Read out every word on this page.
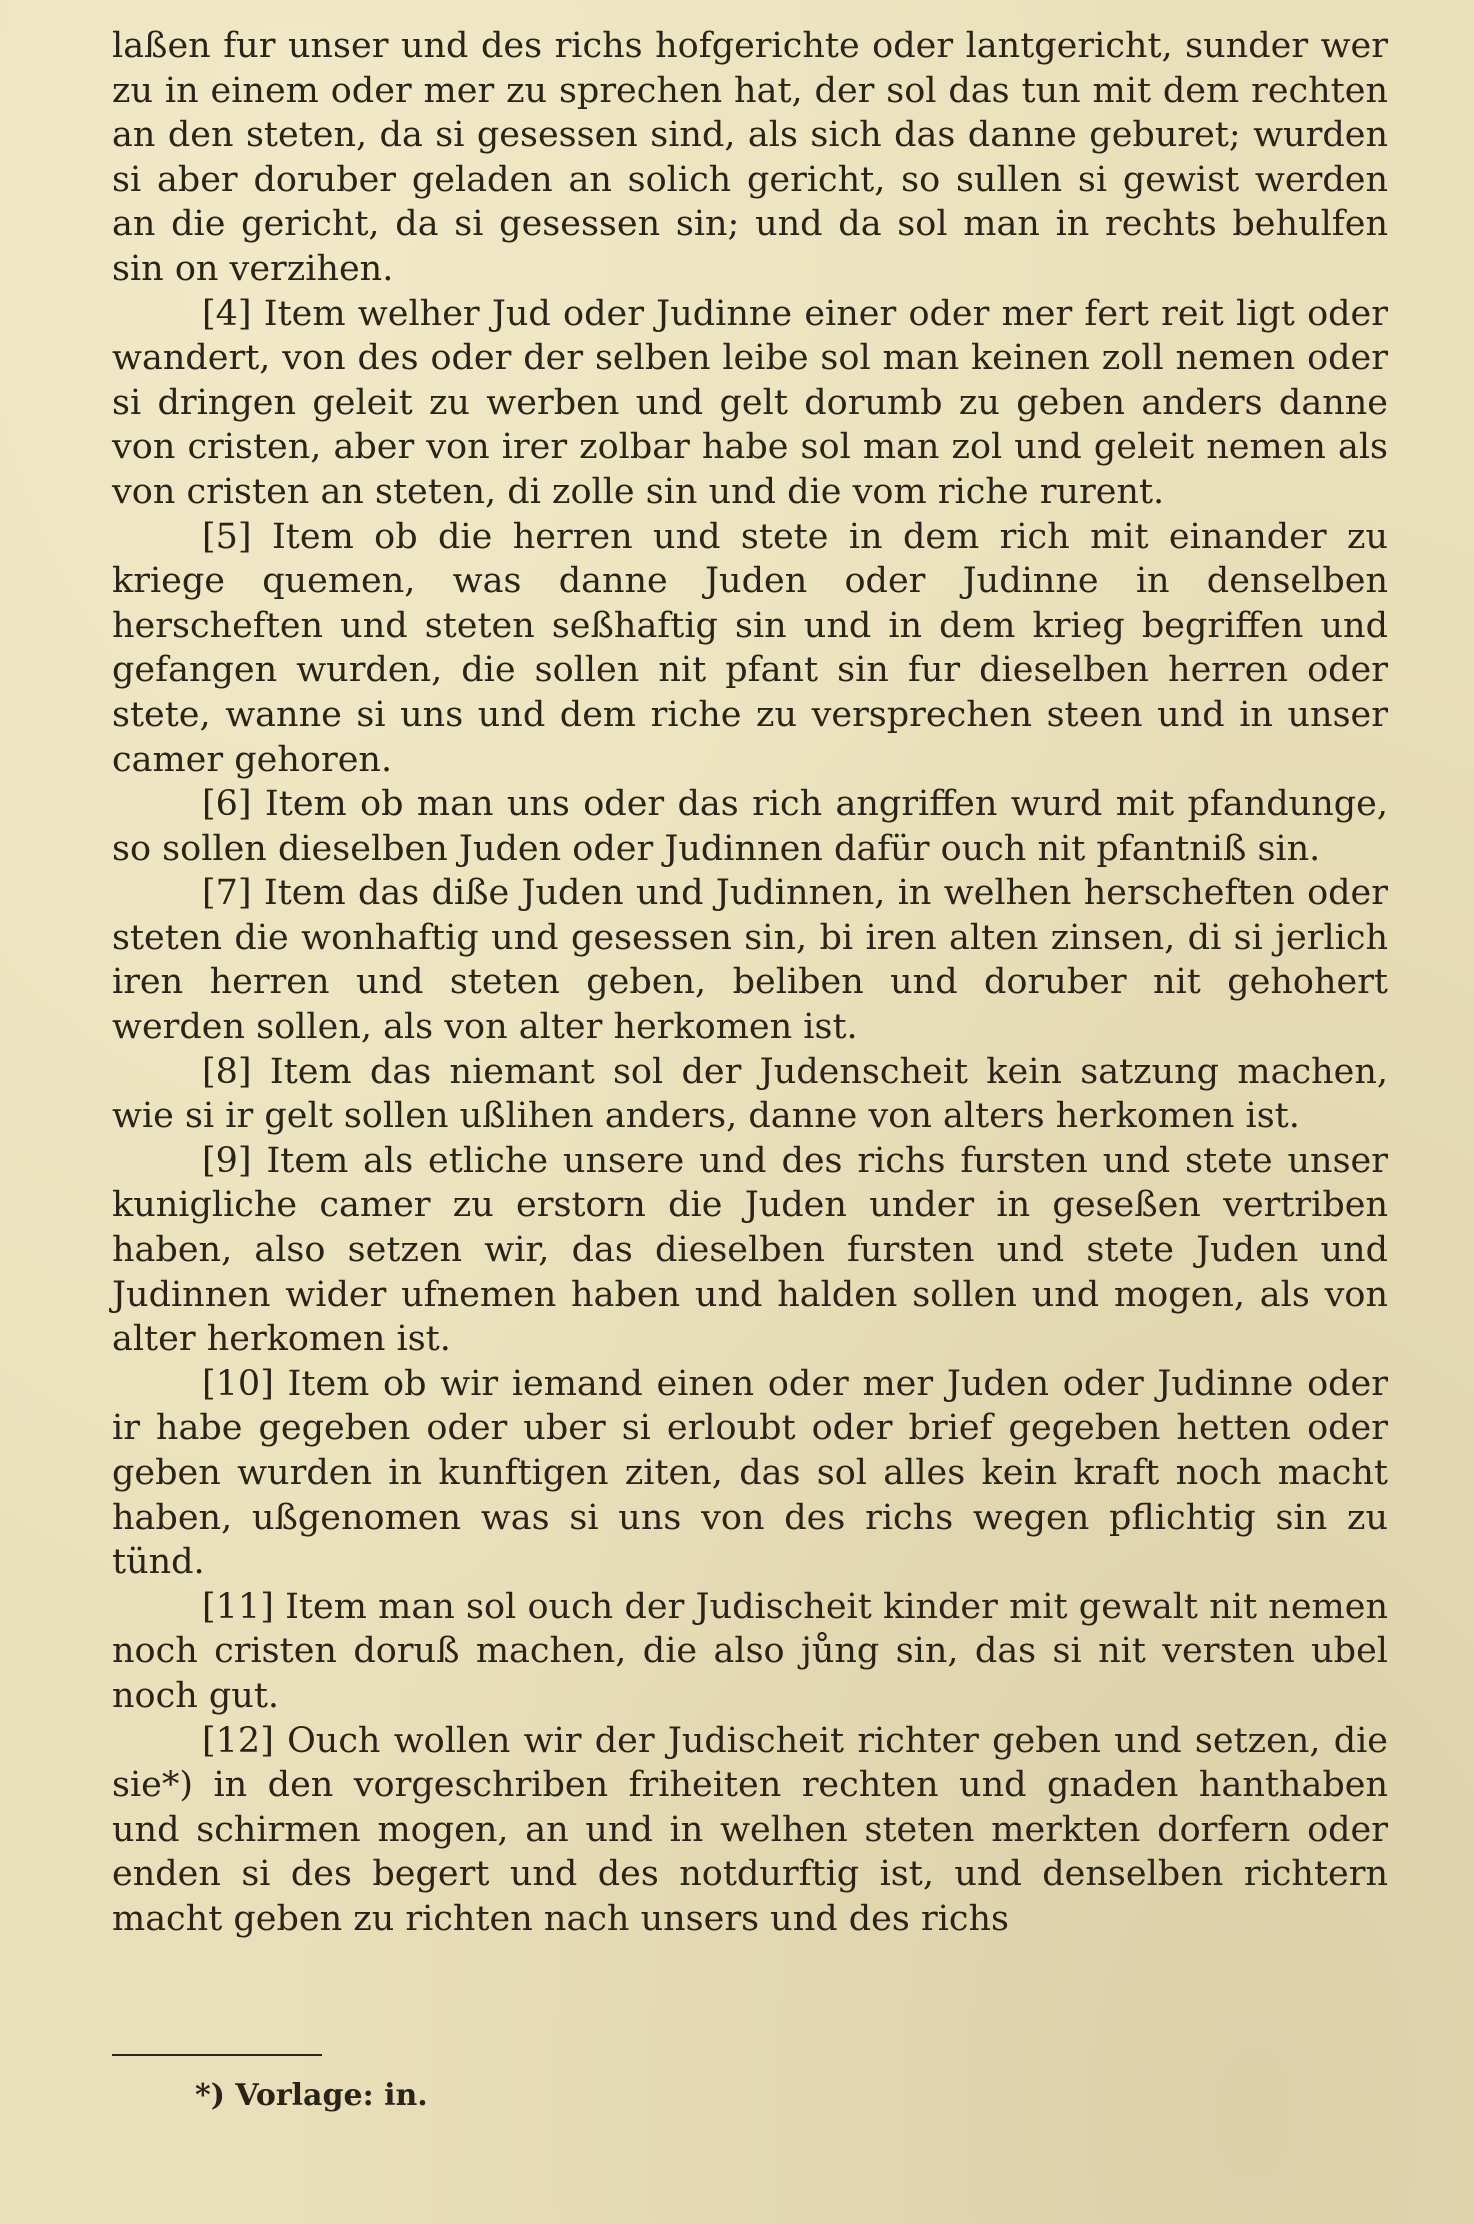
laßen fur unser und des richs hofgerichte oder lantgericht, sunder wer zu in einem oder mer zu sprechen hat, der sol das tun mit dem rechten an den steten, da si gesessen sind, als sich das danne geburet; wurden si aber doruber geladen an solich gericht, so sullen si gewist werden an die gericht, da si gesessen sin; und da sol man in rechts behulfen sin on verzihen.

[4] Item welher Jud oder Judinne einer oder mer fert reit ligt oder wandert, von des oder der selben leibe sol man keinen zoll nemen oder si dringen geleit zu werben und gelt dorumb zu geben anders danne von cristen, aber von irer zolbar habe sol man zol und geleit nemen als von cristen an steten, di zolle sin und die vom riche rurent.

[5] Item ob die herren und stete in dem rich mit einander zu kriege quemen, was danne Juden oder Judinne in denselben herscheften und steten seßhaftig sin und in dem krieg begriffen und gefangen wurden, die sollen nit pfant sin fur dieselben herren oder stete, wanne si uns und dem riche zu versprechen steen und in unser camer gehoren.

[6] Item ob man uns oder das rich angriffen wurd mit pfandunge, so sollen dieselben Juden oder Judinnen dafür ouch nit pfantniß sin.

[7] Item das diße Juden und Judinnen, in welhen herscheften oder steten die wonhaftig und gesessen sin, bi iren alten zinsen, di si jerlich iren herren und steten geben, beliben und doruber nit gehohert werden sollen, als von alter herkomen ist.

[8] Item das niemant sol der Judenscheit kein satzung machen, wie si ir gelt sollen ußlihen anders, danne von alters herkomen ist.

[9] Item als etliche unsere und des richs fursten und stete unser kunigliche camer zu erstorn die Juden under in geseßen vertriben haben, also setzen wir, das dieselben fursten und stete Juden und Judinnen wider ufnemen haben und halden sollen und mogen, als von alter herkomen ist.

[10] Item ob wir iemand einen oder mer Juden oder Judinne oder ir habe gegeben oder uber si erloubt oder brief gegeben hetten oder geben wurden in kunftigen ziten, das sol alles kein kraft noch macht haben, ußgenomen was si uns von des richs wegen pflichtig sin zu tünd.

[11] Item man sol ouch der Judischeit kinder mit gewalt nit nemen noch cristen doruß machen, die also jůng sin, das si nit versten ubel noch gut.

[12] Ouch wollen wir der Judischeit richter geben und setzen, die sie*) in den vorgeschriben friheiten rechten und gnaden hanthaben und schirmen mogen, an und in welhen steten merkten dorfern oder enden si des begert und des notdurftig ist, und denselben richtern macht geben zu richten nach unsers und des richs

*) Vorlage: in.
